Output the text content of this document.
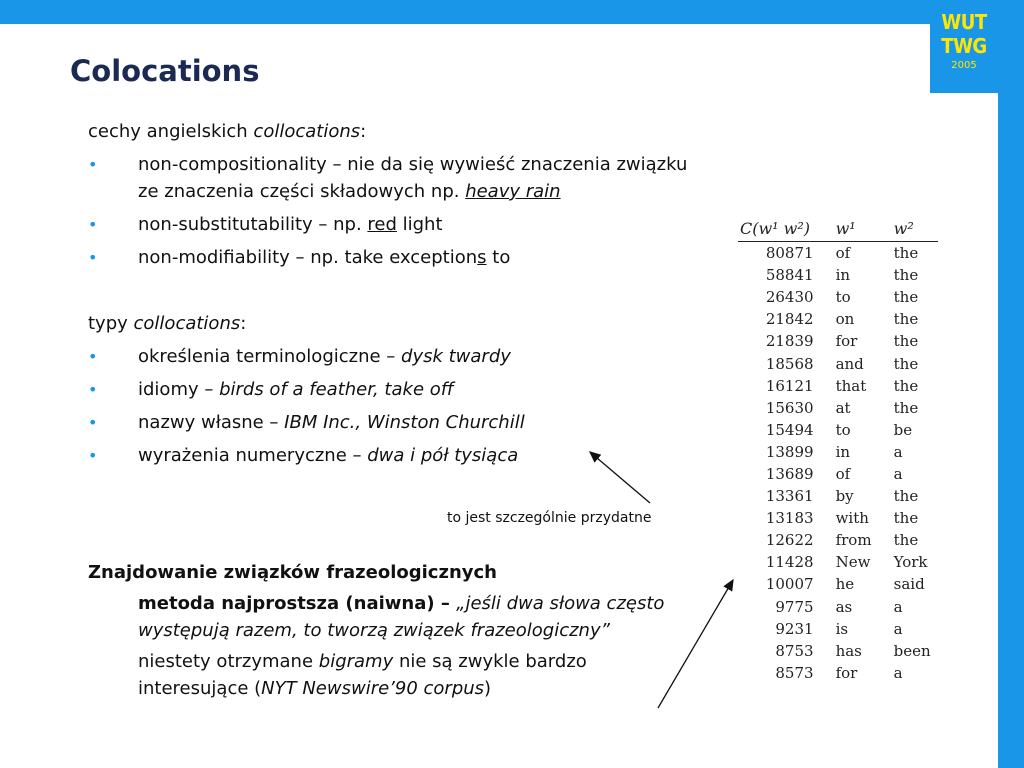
WUT
TWG
2005
Colocations

cechy angielskich collocations:

• non-compositionality – nie da się wywieść znaczenia związku ze znaczenia części składowych np. heavy rain
• non-substitutability – np. red light
• non-modifiability – np. take exceptions to

typy collocations:

• określenia terminologiczne – dysk twardy
• idiomy – birds of a feather, take off
• nazwy własne – IBM Inc., Winston Churchill
• wyrażenia numeryczne – dwa i pół tysiąca

Znajdowanie związków frazeologicznych

metoda najprostsza (naiwna) – „jeśli dwa słowa często występują razem, to tworzą związek frazeologiczny”
niestety otrzymane bigramy nie są zwykle bardzo interesujące (NYT Newswire’90 corpus)
to jest szczególnie przydatne
C(w¹ w²)	w¹	w²
80871	of	the
58841	in	the
26430	to	the
21842	on	the
21839	for	the
18568	and	the
16121	that	the
15630	at	the
15494	to	be
13899	in	a
13689	of	a
13361	by	the
13183	with	the
12622	from	the
11428	New	York
10007	he	said
9775	as	a
9231	is	a
8753	has	been
8573	for	a
